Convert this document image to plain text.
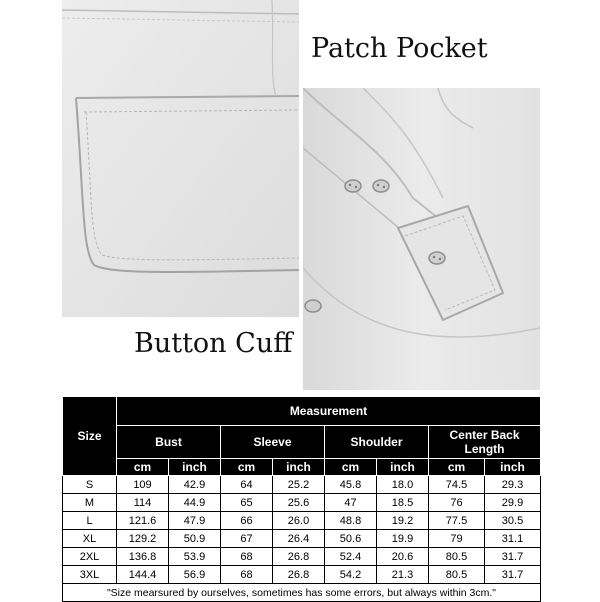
Patch Pocket
Button Cuff
Size	Measurement							
	Bust		Sleeve		Shoulder		Center Back Length	
	cm	inch	cm	inch	cm	inch	cm	inch
S	109	42.9	64	25.2	45.8	18.0	74.5	29.3
M	114	44.9	65	25.6	47	18.5	76	29.9
L	121.6	47.9	66	26.0	48.8	19.2	77.5	30.5
XL	129.2	50.9	67	26.4	50.6	19.9	79	31.1
2XL	136.8	53.9	68	26.8	52.4	20.6	80.5	31.7
3XL	144.4	56.9	68	26.8	54.2	21.3	80.5	31.7
"Size mearsured by ourselves, sometimes has some errors, but always within 3cm."								
